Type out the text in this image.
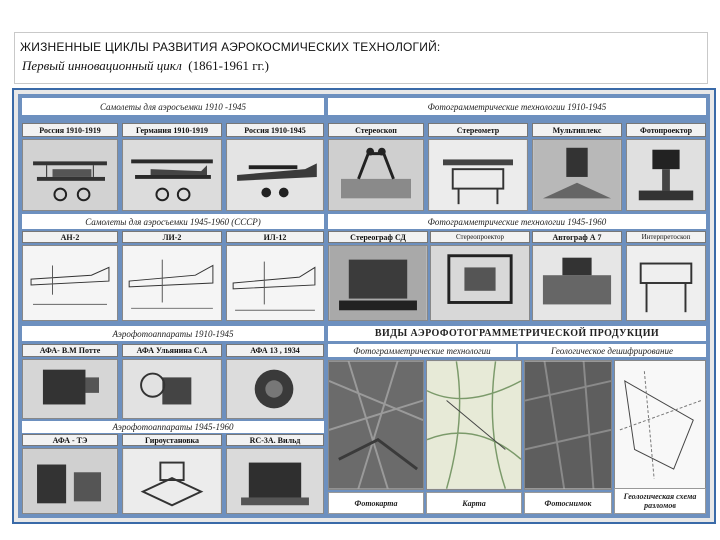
ЖИЗНЕННЫЕ ЦИКЛЫ РАЗВИТИЯ АЭРОКОСМИЧЕСКИХ ТЕХНОЛОГИЙ:
Первый инновационный цикл (1861-1961 гг.)
Самолеты для аэросъемки 1910 -1945	Фотограмметрические технологии 1910-1945
Россия 1910-1919	Германия 1910-1919	Россия 1910-1945	Стереоскоп	Стереометр	Мультиплекс	Фотопроектор
Самолеты для аэросъемки 1945-1960 (СССР)	Фотограмметрические технологии 1945-1960
АН-2	ЛИ-2	ИЛ-12	Стереограф СД	Стереопроектор	Автограф А 7	Интерпретоскоп
Аэрофотоаппараты 1910-1945	ВИДЫ АЭРОФОТОГРАММЕТРИЧЕСКОЙ ПРОДУКЦИИ
АФА- В.М Потте	АФА Ульянина С.А	АФА 13 , 1934	Фотограмметрические технологии	Геологическое дешифрирование
Аэрофотоаппараты 1945-1960
АФА - ТЭ	Гироустановка	RC-3А. Вильд
Фотокарта	Карта	Фотоснимок
Геологическая схема разломов
